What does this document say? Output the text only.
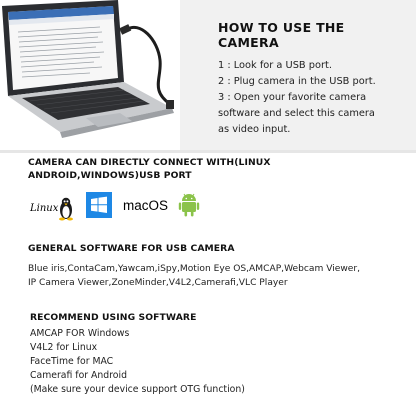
HOW TO USE THE CAMERA
1 : Look for a USB port.
2 : Plug camera in the USB port.
3 : Open your favorite camera
software and select this camera
as video input.
CAMERA CAN DIRECTLY CONNECT WITH(LINUX
ANDROID,WINDOWS)USB PORT
Linux	macOS
GENERAL SOFTWARE FOR USB CAMERA
Blue iris,ContaCam,Yawcam,iSpy,Motion Eye OS,AMCAP,Webcam Viewer,
IP Camera Viewer,ZoneMinder,V4L2,Camerafi,VLC Player
RECOMMEND USING SOFTWARE
AMCAP FOR Windows
V4L2 for Linux
FaceTime for MAC
Camerafi for Android
(Make sure your device support OTG function)
